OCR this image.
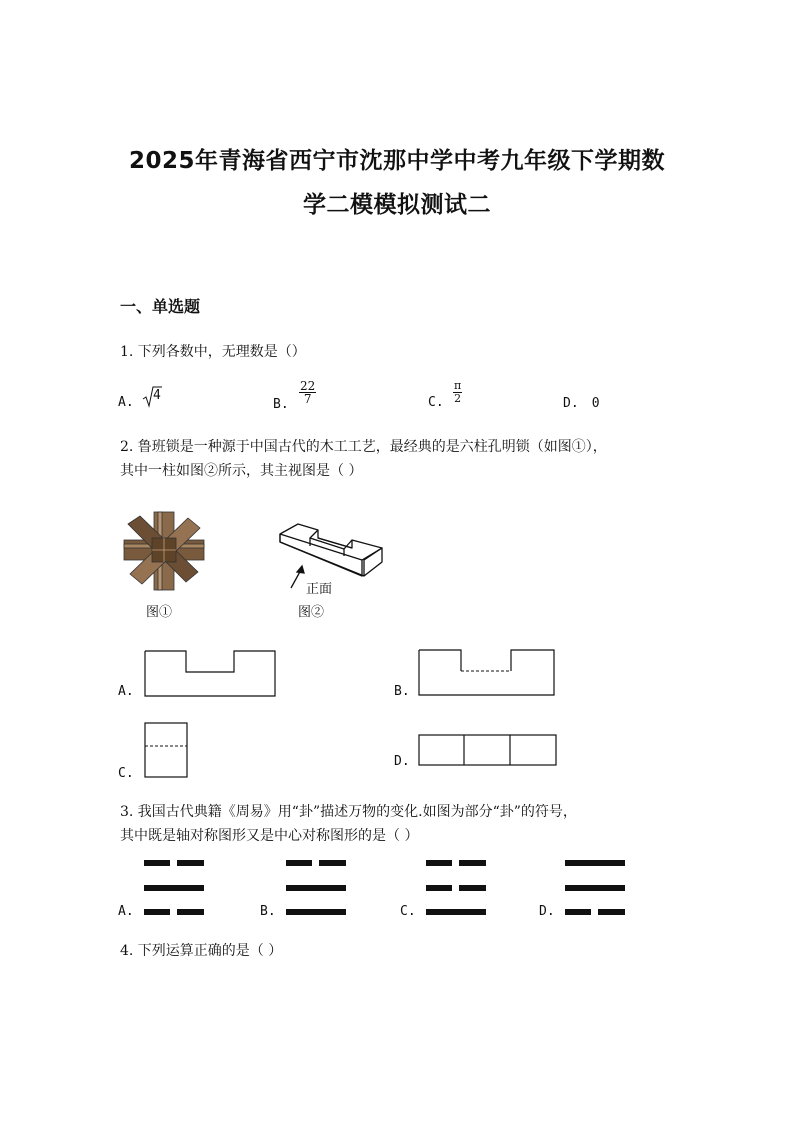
2025年青海省西宁市沈那中学中考九年级下学期数
学二模模拟测试二
一、单选题
1. 下列各数中，无理数是（）
A. 4
B. $\frac{22}{7}$	C. $\frac{\pi}{2}$	D. 0
2. 鲁班锁是一种源于中国古代的木工工艺，最经典的是六柱孔明锁（如图①），
其中一柱如图②所示，其主视图是（ ）
图①
正面
图②
A.	B.
C.
D.
3. 我国古代典籍《周易》用“卦”描述万物的变化.如图为部分“卦”的符号，
其中既是轴对称图形又是中心对称图形的是（ ）
A.	B.	C.	D.
4. 下列运算正确的是（ ）
